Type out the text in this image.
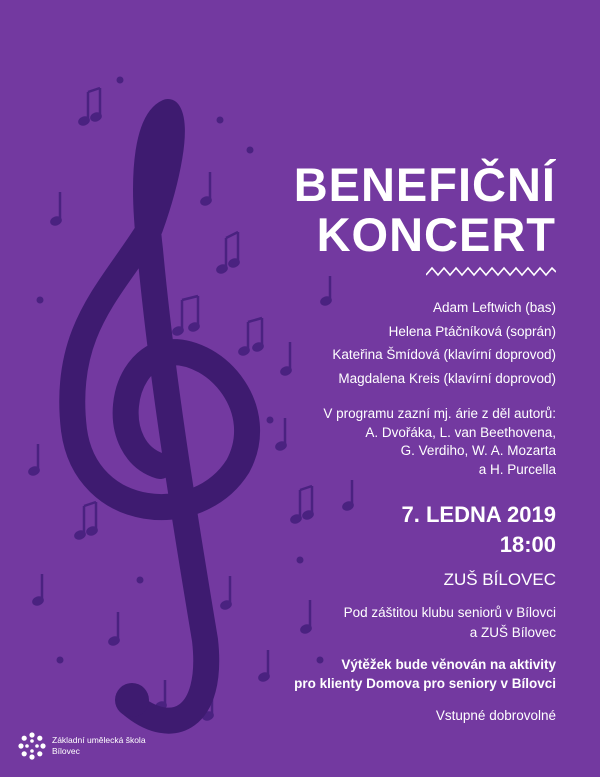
BENEFIČNÍ
KONCERT
Adam Leftwich (bas)
Helena Ptáčníková (soprán)
Kateřina Šmídová (klavírní doprovod)
Magdalena Kreis (klavírní doprovod)
V programu zazní mj. árie z děl autorů:
A. Dvořáka, L. van Beethovena,
G. Verdiho, W. A. Mozarta
a H. Purcella
7. LEDNA 2019
18:00
ZUŠ BÍLOVEC
Pod záštitou klubu seniorů v Bílovci
a ZUŠ Bílovec
Výtěžek bude věnován na aktivity
pro klienty Domova pro seniory v Bílovci
Vstupné dobrovolné
Základní umělecká škola
Bílovec
